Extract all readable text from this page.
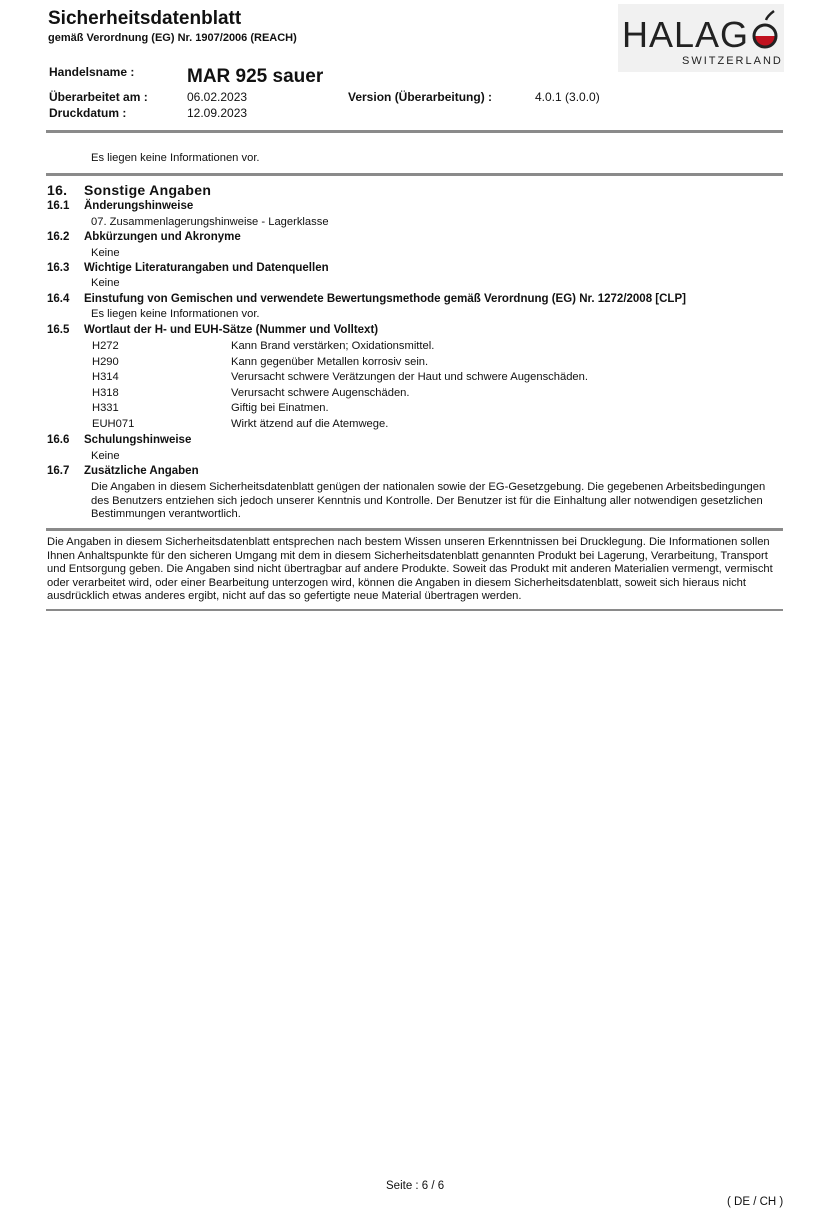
Sicherheitsdatenblatt
gemäß Verordnung (EG) Nr. 1907/2006 (REACH)	HALAG
SWITZERLAND
Handelsname :	MAR 925 sauer
Überarbeitet am :	06.02.2023	Version (Überarbeitung) :	4.0.1 (3.0.0)
Druckdatum :	12.09.2023
Es liegen keine Informationen vor.
16. Sonstige Angaben
16.1 Änderungshinweise
07. Zusammenlagerungshinweise - Lagerklasse
16.2 Abkürzungen und Akronyme
Keine
16.3 Wichtige Literaturangaben und Datenquellen
Keine
16.4 Einstufung von Gemischen und verwendete Bewertungsmethode gemäß Verordnung (EG) Nr. 1272/2008 [CLP]
Es liegen keine Informationen vor.
16.5 Wortlaut der H- und EUH-Sätze (Nummer und Volltext)
H272	Kann Brand verstärken; Oxidationsmittel.
H290	Kann gegenüber Metallen korrosiv sein.
H314	Verursacht schwere Verätzungen der Haut und schwere Augenschäden.
H318	Verursacht schwere Augenschäden.
H331	Giftig bei Einatmen.
EUH071	Wirkt ätzend auf die Atemwege.
16.6 Schulungshinweise
Keine
16.7 Zusätzliche Angaben
Die Angaben in diesem Sicherheitsdatenblatt genügen der nationalen sowie der EG-Gesetzgebung. Die gegebenen Arbeitsbedingungen des Benutzers entziehen sich jedoch unserer Kenntnis und Kontrolle. Der Benutzer ist für die Einhaltung aller notwendigen gesetzlichen Bestimmungen verantwortlich.
Die Angaben in diesem Sicherheitsdatenblatt entsprechen nach bestem Wissen unseren Erkenntnissen bei Drucklegung. Die Informationen sollen Ihnen Anhaltspunkte für den sicheren Umgang mit dem in diesem Sicherheitsdatenblatt genannten Produkt bei Lagerung, Verarbeitung, Transport und Entsorgung geben. Die Angaben sind nicht übertragbar auf andere Produkte. Soweit das Produkt mit anderen Materialien vermengt, vermischt oder verarbeitet wird, oder einer Bearbeitung unterzogen wird, können die Angaben in diesem Sicherheitsdatenblatt, soweit sich hieraus nicht ausdrücklich etwas anderes ergibt, nicht auf das so gefertigte neue Material übertragen werden.
Seite : 6 / 6
( DE / CH )
